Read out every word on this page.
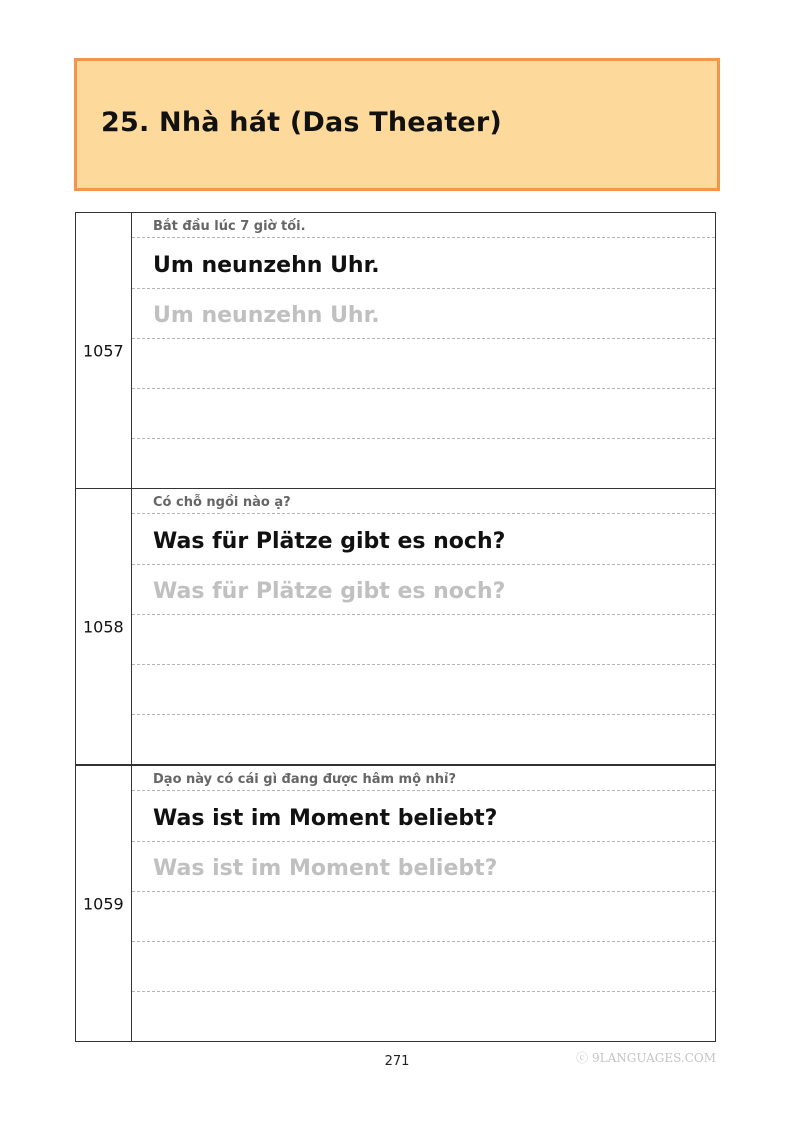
25. Nhà hát (Das Theater)
1057
Bắt đầu lúc 7 giờ tối.
Um neunzehn Uhr.
Um neunzehn Uhr.
1058
Có chỗ ngồi nào ạ?
Was für Plätze gibt es noch?
Was für Plätze gibt es noch?
1059
Dạo này có cái gì đang được hâm mộ nhỉ?
Was ist im Moment beliebt?
Was ist im Moment beliebt?
271	ⓒ 9LANGUAGES.COM
